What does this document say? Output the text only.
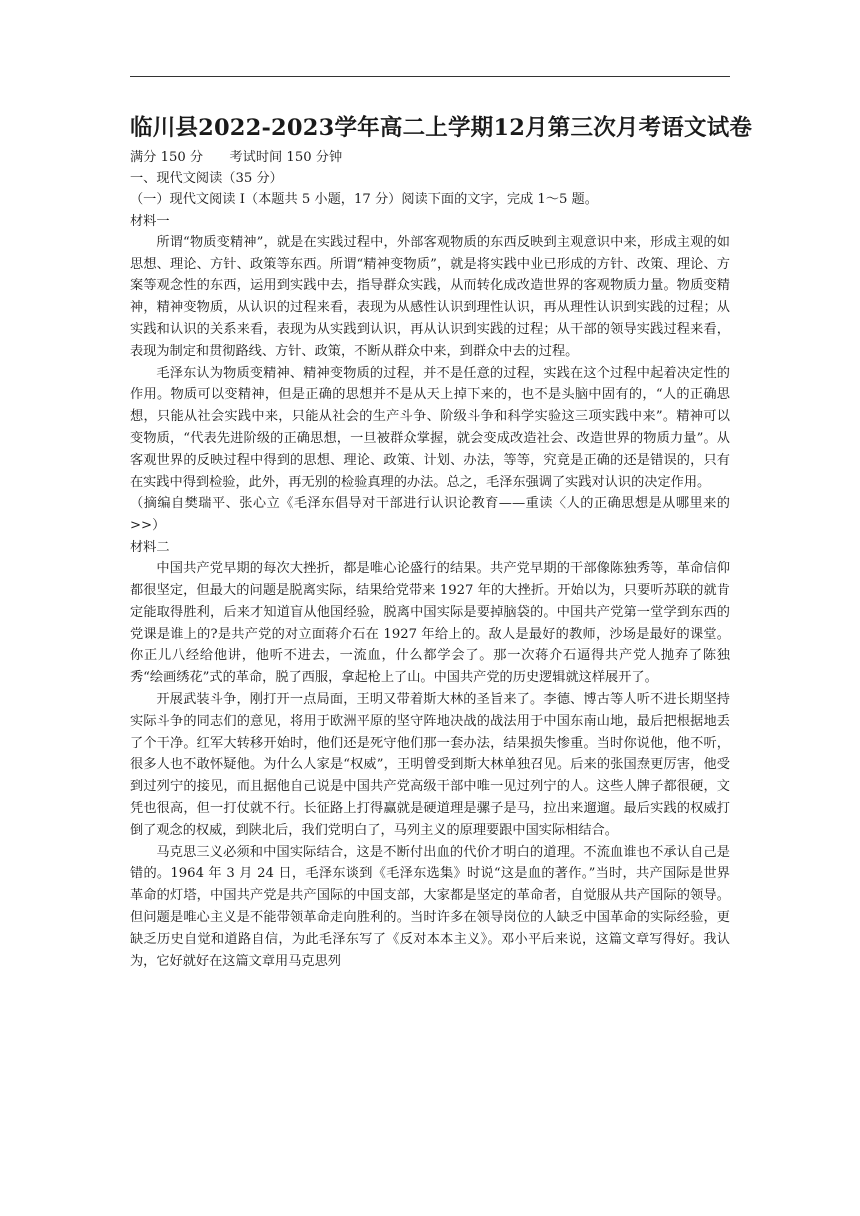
临川县2022-2023学年高二上学期12月第三次月考语文试卷

满分 150 分　　考试时间 150 分钟

一、现代文阅读（35 分）

（一）现代文阅读 I（本题共 5 小题，17 分）阅读下面的文字，完成 1～5 题。

材料一

所谓“物质变精神”，就是在实践过程中，外部客观物质的东西反映到主观意识中来，形成主观的如思想、理论、方针、政策等东西。所谓“精神变物质”，就是将实践中业已形成的方针、改策、理论、方案等观念性的东西，运用到实践中去，指导群众实践，从而转化成改造世界的客观物质力量。物质变精神，精神变物质，从认识的过程来看，表现为从感性认识到理性认识，再从理性认识到实践的过程；从实践和认识的关系来看，表现为从实践到认识，再从认识到实践的过程；从干部的领导实践过程来看，表现为制定和贯彻路线、方针、政策，不断从群众中来，到群众中去的过程。

毛泽东认为物质变精神、精神变物质的过程，并不是任意的过程，实践在这个过程中起着决定性的作用。物质可以变精神，但是正确的思想并不是从天上掉下来的，也不是头脑中固有的，“人的正确思想，只能从社会实践中来，只能从社会的生产斗争、阶级斗争和科学实验这三项实践中来”。精神可以变物质，“代表先进阶级的正确思想，一旦被群众掌握，就会变成改造社会、改造世界的物质力量”。从客观世界的反映过程中得到的思想、理论、政策、计划、办法，等等，究竟是正确的还是错误的，只有在实践中得到检验，此外，再无别的检验真理的办法。总之，毛泽东强调了实践对认识的决定作用。

（摘编自樊瑞平、张心立《毛泽东倡导对干部进行认识论教育——重读〈人的正确思想是从哪里来的>>）

材料二

中国共产党早期的每次大挫折，都是唯心论盛行的结果。共产党早期的干部像陈独秀等，革命信仰都很坚定，但最大的问题是脱离实际，结果给党带来 1927 年的大挫折。开始以为，只要听苏联的就肯定能取得胜利，后来才知道盲从他国经验，脱离中国实际是要掉脑袋的。中国共产党第一堂学到东西的党课是谁上的?是共产党的对立面蒋介石在 1927 年给上的。敌人是最好的教师，沙场是最好的课堂。你正儿八经给他讲，他听不进去，一流血，什么都学会了。那一次蒋介石逼得共产党人抛弃了陈独秀“绘画绣花”式的革命，脱了西服，拿起枪上了山。中国共产党的历史逻辑就这样展开了。

开展武装斗争，刚打开一点局面，王明又带着斯大林的圣旨来了。李德、博古等人听不进长期坚持实际斗争的同志们的意见，将用于欧洲平原的坚守阵地决战的战法用于中国东南山地，最后把根据地丢了个干净。红军大转移开始时，他们还是死守他们那一套办法，结果损失惨重。当时你说他，他不听，很多人也不敢怀疑他。为什么人家是“权威”，王明曾受到斯大林单独召见。后来的张国焘更厉害，他受到过列宁的接见，而且据他自己说是中国共产党高级干部中唯一见过列宁的人。这些人牌子都很硬，文凭也很高，但一打仗就不行。长征路上打得赢就是硬道理是骡子是马，拉出来遛遛。最后实践的权威打倒了观念的权威，到陕北后，我们党明白了，马列主义的原理要跟中国实际相结合。

马克思三义必须和中国实际结合，这是不断付出血的代价才明白的道理。不流血谁也不承认自己是错的。1964 年 3 月 24 日，毛泽东谈到《毛泽东选集》时说“这是血的著作。”当时，共产国际是世界革命的灯塔，中国共产党是共产国际的中国支部，大家都是坚定的革命者，自觉服从共产国际的领导。但问题是唯心主义是不能带领革命走向胜利的。当时许多在领导岗位的人缺乏中国革命的实际经验，更缺乏历史自觉和道路自信，为此毛泽东写了《反对本本主义》。邓小平后来说，这篇文章写得好。我认为，它好就好在这篇文章用马克思列
